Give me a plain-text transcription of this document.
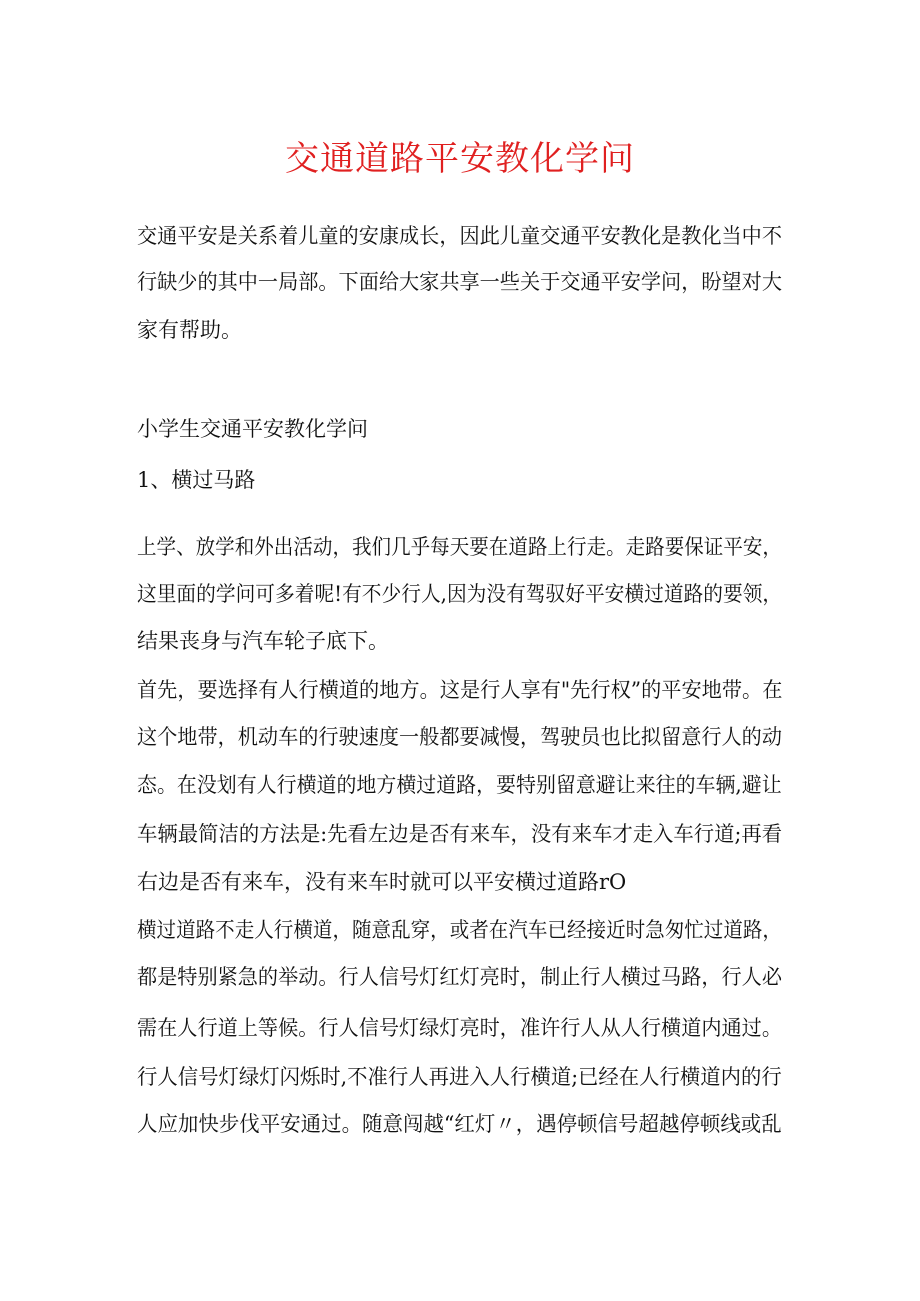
交通道路平安教化学问
交通平安是关系着儿童的安康成长，因此儿童交通平安教化是教化当中不
行缺少的其中一局部。下面给大家共享一些关于交通平安学问，盼望对大
家有帮助。
小学生交通平安教化学问
1、横过马路
上学、放学和外出活动，我们几乎每天要在道路上行走。走路要保证平安，
这里面的学问可多着呢!有不少行人,因为没有驾驭好平安横过道路的要领，
结果丧身与汽车轮子底下。
首先，要选择有人行横道的地方。这是行人享有"先行权”的平安地带。在
这个地带，机动车的行驶速度一般都要减慢，驾驶员也比拟留意行人的动
态。在没划有人行横道的地方横过道路，要特别留意避让来往的车辆,避让
车辆最简洁的方法是:先看左边是否有来车，没有来车才走入车行道;再看
右边是否有来车，没有来车时就可以平安横过道路rO
横过道路不走人行横道，随意乱穿，或者在汽车已经接近时急匆忙过道路，
都是特别紧急的举动。行人信号灯红灯亮时，制止行人横过马路，行人必
需在人行道上等候。行人信号灯绿灯亮时，准许行人从人行横道内通过。
行人信号灯绿灯闪烁时,不准行人再进入人行横道;已经在人行横道内的行
人应加快步伐平安通过。随意闯越“红灯〃，遇停顿信号超越停顿线或乱
